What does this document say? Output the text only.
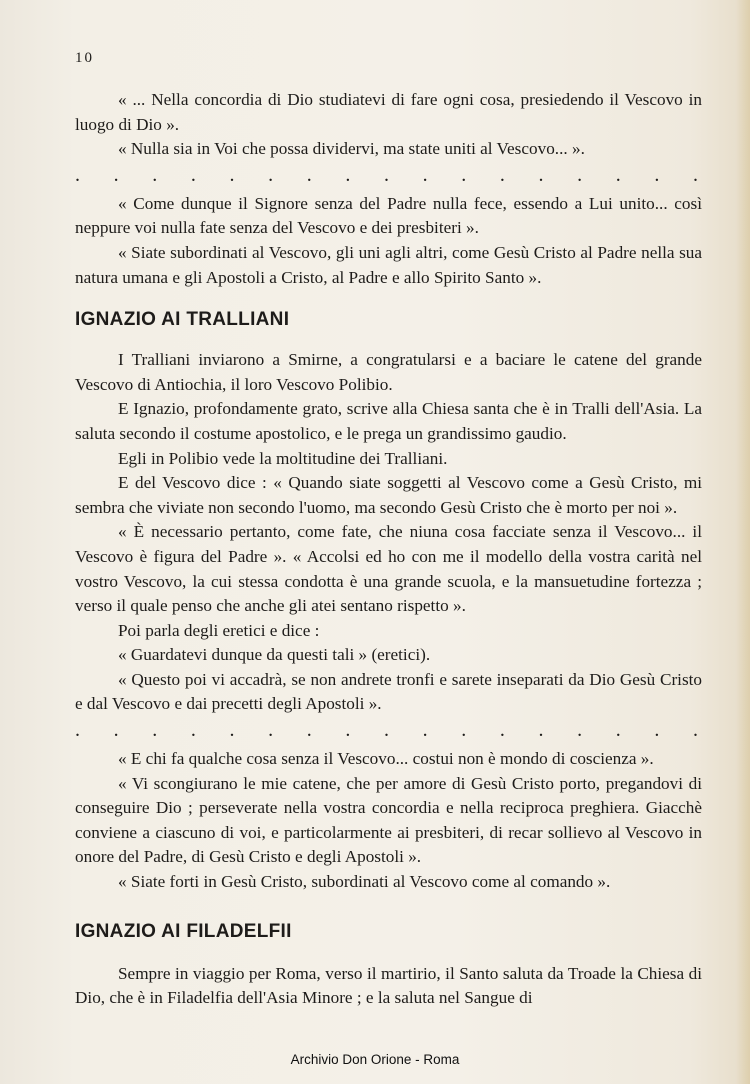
10

« ... Nella concordia di Dio studiatevi di fare ogni cosa, presiedendo il Vescovo in luogo di Dio ».

« Nulla sia in Voi che possa dividervi, ma state uniti al Vescovo... ».

. . . . . . . . . . . . . . . . .

« Come dunque il Signore senza del Padre nulla fece, essendo a Lui unito... così neppure voi nulla fate senza del Vescovo e dei presbiteri ».

« Siate subordinati al Vescovo, gli uni agli altri, come Gesù Cristo al Padre nella sua natura umana e gli Apostoli a Cristo, al Padre e allo Spirito Santo ».

IGNAZIO AI TRALLIANI

I Tralliani inviarono a Smirne, a congratularsi e a baciare le catene del grande Vescovo di Antiochia, il loro Vescovo Polibio.

E Ignazio, profondamente grato, scrive alla Chiesa santa che è in Tralli dell'Asia. La saluta secondo il costume apostolico, e le prega un grandissimo gaudio.

Egli in Polibio vede la moltitudine dei Tralliani.

E del Vescovo dice : « Quando siate soggetti al Vescovo come a Gesù Cristo, mi sembra che viviate non secondo l'uomo, ma secondo Gesù Cristo che è morto per noi ».

« È necessario pertanto, come fate, che niuna cosa facciate senza il Vescovo... il Vescovo è figura del Padre ». « Accolsi ed ho con me il modello della vostra carità nel vostro Vescovo, la cui stessa condotta è una grande scuola, e la mansuetudine fortezza ; verso il quale penso che anche gli atei sentano rispetto ».

Poi parla degli eretici e dice :

« Guardatevi dunque da questi tali » (eretici).

« Questo poi vi accadrà, se non andrete tronfi e sarete inseparati da Dio Gesù Cristo e dal Vescovo e dai precetti degli Apostoli ».

. . . . . . . . . . . . . . . . .

« E chi fa qualche cosa senza il Vescovo... costui non è mondo di coscienza ».

« Vi scongiurano le mie catene, che per amore di Gesù Cristo porto, pregandovi di conseguire Dio ; perseverate nella vostra concordia e nella reciproca preghiera. Giacchè conviene a ciascuno di voi, e particolarmente ai presbiteri, di recar sollievo al Vescovo in onore del Padre, di Gesù Cristo e degli Apostoli ».

« Siate forti in Gesù Cristo, subordinati al Vescovo come al comando ».

IGNAZIO AI FILADELFII

Sempre in viaggio per Roma, verso il martirio, il Santo saluta da Troade la Chiesa di Dio, che è in Filadelfia dell'Asia Minore ; e la saluta nel Sangue di

Archivio Don Orione - Roma
